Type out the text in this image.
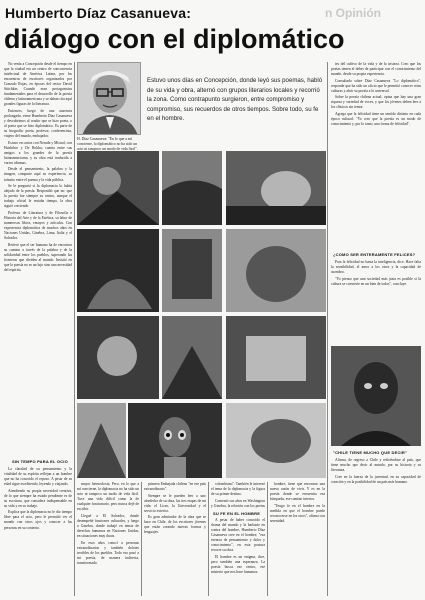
Humberto Díaz Casanueva:
diálogo con el diplomático
n Opinión

No venía a Concepción desde el tiempo en que la ciudad era un centro de concurrencia intelectual de América Latina, por los encuentros de escritores organizados por Gonzalo Rojas, en épocas del rector David Stitchkin. Cuando eran protagonistas fundamentales para el desarrollo de la poesía chilena y latinoamericana y se daban cita aquí grandes figuras de la literatura.

Entonces, luego de una ausencia prolongada, viene Humberto Díaz Casanueva y descubrimos al orador que se hizo poeta, o al poeta que se hizo diplomático. Es parte de su biografía: poeta, profesor, conferencista, viajero del mundo, embajador.

Estuvo en cartas con Neruda y Mistral, con Huidobro y De Rokha; cuenta entre sus amigos a los grandes de la poesía latinoamericana, y su obra está traducida a varios idiomas.

Desde el pensamiento, la palabra y la imagen, comparte aquí su experiencia, su tránsito entre el poema y la vida pública.

Se le preguntó si la diplomacia lo había alejado de la poesía. Respondió que no: que la poesía fue siempre su centro, aunque el trabajo oficial le restaba tiempo, la obra siguió creciendo.

Profesor de Literatura y de Filosofía e Historia del Arte y de la Estética, su labor de numerosos libros, ensayos y artículos. Con experiencia diplomática de muchos años en Naciones Unidas, Ginebra, Lima, Italia y el Salvador.

Reiteró que el ser humano ha de encontrar su camino a través de la palabra y de la solidaridad entre los pueblos, superando las fronteras que dividen al mundo. Insistió en que la poesía no es un lujo sino una necesidad del espíritu.

SIN TEMPO PARA EL OCIO

La claridad de su pensamiento y la vitalidad de su espíritu reflejan a un hombre que no ha conocido el reposo. A pesar de su edad sigue escribiendo, leyendo y viajando.

Atendiendo su propia necesidad creativa, de lo que siempre ha estado pendiente es de su escritura, que considera indispensable en su vida y en su trabajo.

Explica que la diplomacia no le dio tiempo libre para el ocio, pero le permitió ver el mundo con otros ojos y conocer a las personas en su contexto.

H. Díaz Casanueva: "En lo que a mí concierne, lo diplomático no ha sido un acto ni tampoco un modo de vida fácil".
Estuvo unos días en Concepción, donde leyó sus poemas, habló de su vida y obra, alternó con grupos literarios locales y recorrió la zona. Como contrapunto surgieron, entre compromiso y compromiso, sus recuerdos de otros tiempos. Sobre todo, su fe en el hombre.

mayor heterodoxia. Pero, en lo que a mí concierne, la diplomacia no ha sido un acto ni tampoco un modo de vida fácil. Tuve una vida difícil como la de cualquier funcionario, pero nunca dejé de escribir.

Llegué a El Salvador, donde desempeñé funciones culturales, y luego a Ginebra, donde trabajé en temas de derechos humanos en Naciones Unidas, en situaciones muy duras.

En esos años conocí a personas extraordinarias y también dolores terribles de los pueblos. Todo eso pasó a mi poesía, de manera indirecta, transformado.

primera Embajada chilena "en ese país extraordinario".

Siempre se le pueden leer a uno alrededor de su obra, las tres etapas de mi vida: el Liceo, la Universidad y el servicio exterior.

Es gran admirador de la obra que se hace en Chile, de los escritores jóvenes que están creando nuevas formas y lenguajes.

colombiano". También le interesó el tema de la diplomacia y la figura de su primer destino.

Comentó sus años en Washington y Ginebra, la relación con los poetas

SU FE EN EL HOMBRE

A pesar de haber conocido el drama del mundo y la barbarie en contra del hombre, Humberto Díaz Casanueva cree en el hombre, "esa esencia de pensamiento y dolor y conocimiento", en esta postura recorre su obra.

El hombre es un enigma, dice, pero también una esperanza. La poesía busca ese centro, ese misterio que nos hace humanos.

hombre, tiene que encontrar una nueva razón de vivir. Y es en la poesía donde se encuentra esa búsqueda, ese camino interior.

"Tengo fe en el hombre en la medida en que el hombre puede reconocerse en los otros", afirma con serenidad.

tes del cultivo de la vida y de la tristeza. Creo que los poetas tienen el deber de participar con el conocimiento del mundo, desde su propia experiencia.

Consultado sobre Díaz Casanueva "Lo diplomático", responde que ha sido un oficio que le permitió conocer otras culturas y abrir su poesía a lo universal.

Sobre la poesía chilena actual, opina que hay una gran riqueza y variedad de voces, y que los jóvenes deben leer a los clásicos sin temor.

Agrega que la felicidad tiene un sentido distinto en cada época cultural: "Yo creo que la poesía es un modo de conocimiento y, por lo tanto, una forma de felicidad".

¿COMO SER ENTERAMENTE FELICES?

Para la felicidad no basta la inteligencia, dice. Hace falta la sensibilidad, el amor a los otros y la capacidad de asombro.

"Yo pienso que una sociedad más justa es posible si la cultura se convierte en un bien de todos", concluye.

"CHILE TIENE MUCHO QUE DECIR"

Afirma, de regreso a Chile y refiriéndose al país, que tiene mucho que decir al mundo, por su historia y su literatura.

Cree en la fuerza de la juventud, en su capacidad de creación y en la posibilidad de un país más humano.
